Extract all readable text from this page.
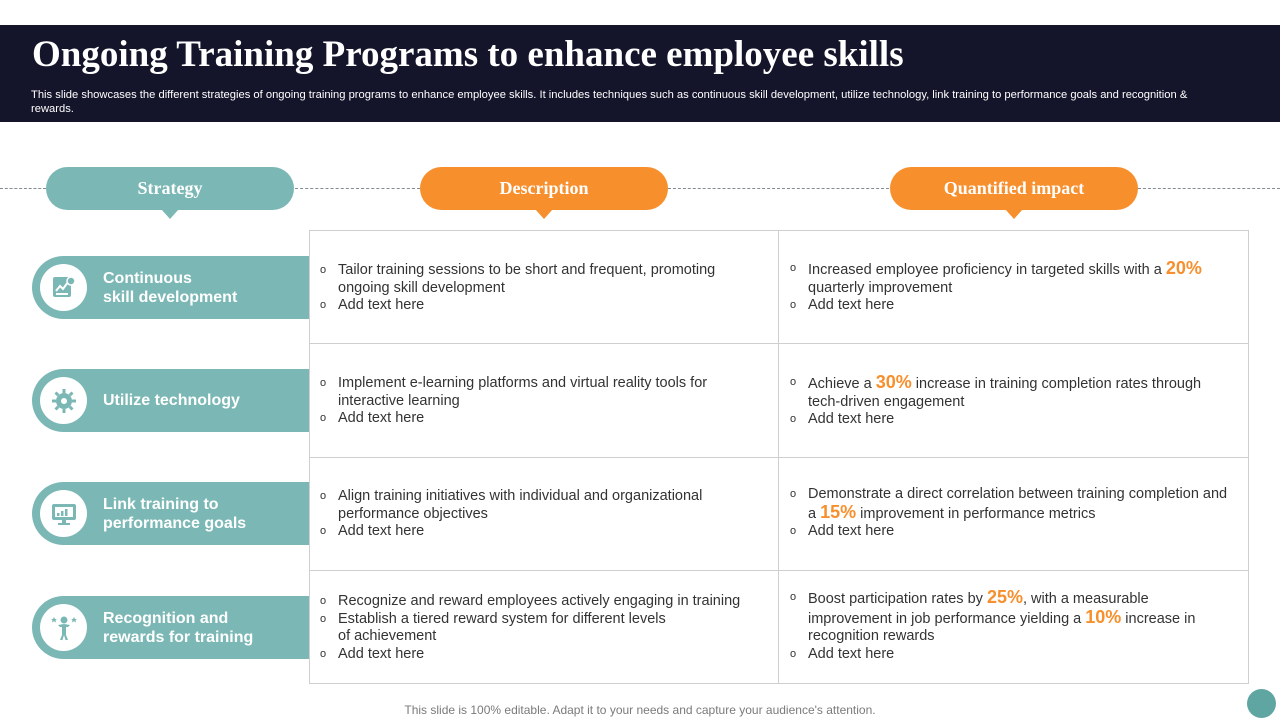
Ongoing Training Programs to enhance employee skills
This slide showcases the different strategies of ongoing training programs to enhance employee skills. It includes techniques such as continuous skill development, utilize technology, link training to performance goals and recognition & rewards.
Strategy	Description	Quantified impact
Continuous
skill development
o Tailor training sessions to be short and frequent, promoting ongoing skill development
o Add text here
o Increased employee proficiency in targeted skills with a 20% quarterly improvement
o Add text here
Utilize technology
o Implement e-learning platforms and virtual reality tools for interactive learning
o Add text here
o Achieve a 30% increase in training completion rates through tech-driven engagement
o Add text here
Link training to
performance goals
o Align training initiatives with individual and organizational performance objectives
o Add text here
o Demonstrate a direct correlation between training completion and a 15% improvement in performance metrics
o Add text here
Recognition and
rewards for training
o Recognize and reward employees actively engaging in training
o Establish a tiered reward system for different levels of achievement
o Add text here
o Boost participation rates by 25%, with a measurable improvement in job performance yielding a 10% increase in recognition rewards
o Add text here
This slide is 100% editable. Adapt it to your needs and capture your audience's attention.
